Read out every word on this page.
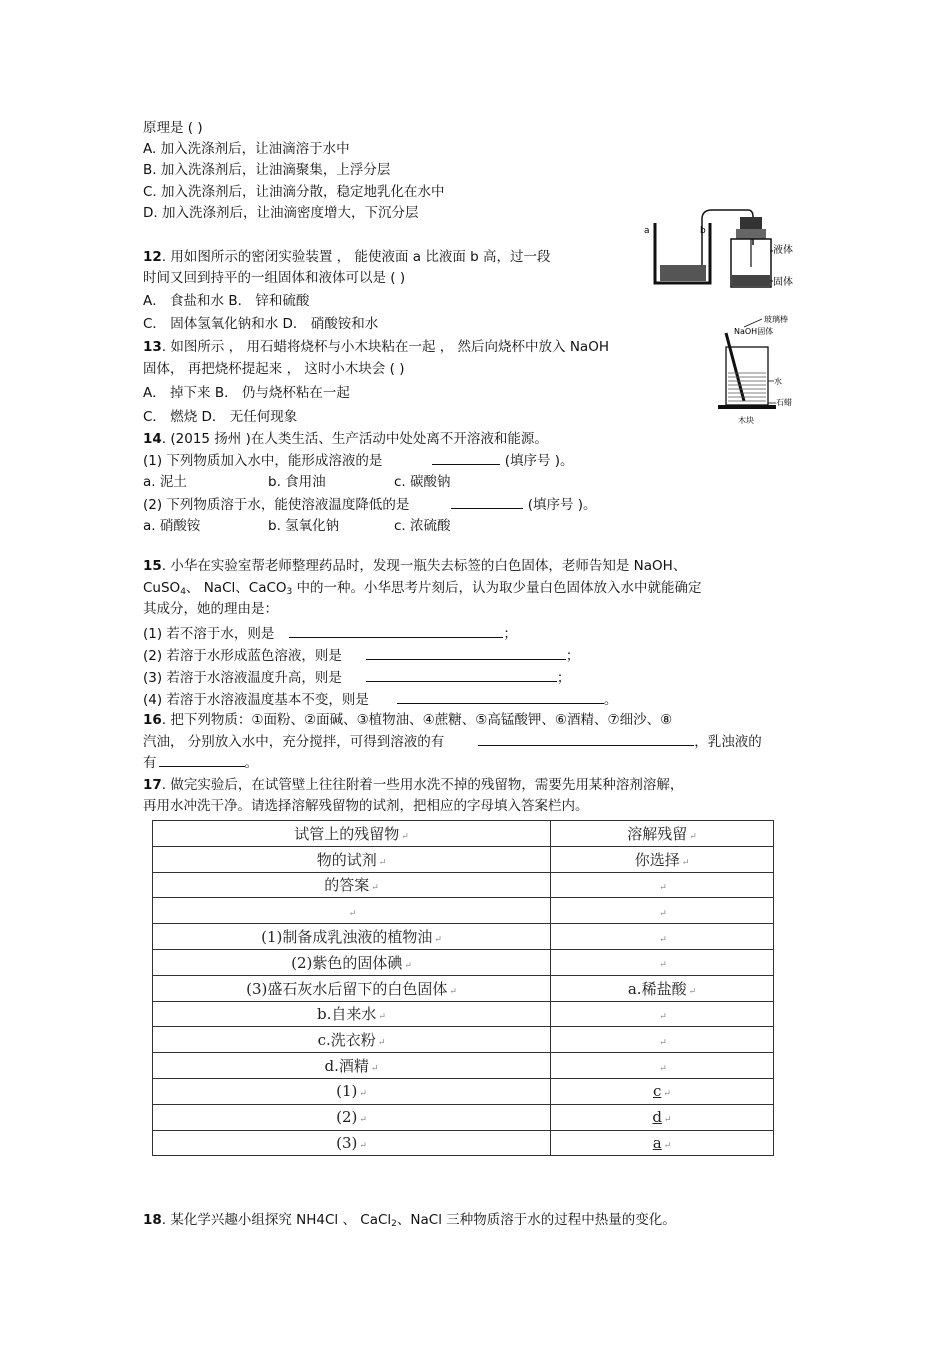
原理是 ( )
A. 加入洗涤剂后，让油滴溶于水中
B. 加入洗涤剂后，让油滴聚集，上浮分层
C. 加入洗涤剂后，让油滴分散，稳定地乳化在水中
D. 加入洗涤剂后，让油滴密度增大，下沉分层
12. 用如图所示的密闭实验装置 ， 能使液面 a 比液面 b 高，过一段
时间又回到持平的一组固体和液体可以是 ( )
A． 食盐和水 B． 锌和硫酸
C． 固体氢氧化钠和水 D． 硝酸铵和水
a	b
液体
固体
13. 如图所示 ， 用石蜡将烧杯与小木块粘在一起 ， 然后向烧杯中放入 NaOH
固体， 再把烧杯提起来 ， 这时小木块会 ( )
A． 掉下来 B． 仍与烧杯粘在一起
C． 燃烧 D． 无任何现象
玻璃棒
NaOH固体
水
石蜡
木块
14. (2015 扬州 )在人类生活、生产活动中处处离不开溶液和能源。
(1) 下列物质加入水中，能形成溶液的是	(填序号 )。
a. 泥土	b. 食用油	c. 碳酸钠
(2) 下列物质溶于水，能使溶液温度降低的是	(填序号 )。
a. 硝酸铵	b. 氢氧化钠	c. 浓硫酸
15. 小华在实验室帮老师整理药品时，发现一瓶失去标签的白色固体，老师告知是 NaOH、
CuSO$_4$、 NaCl、CaCO$_3$ 中的一种。小华思考片刻后，认为取少量白色固体放入水中就能确定
其成分，她的理由是：
(1) 若不溶于水，则是	；
(2) 若溶于水形成蓝色溶液，则是	；
(3) 若溶于水溶液温度升高，则是	；
(4) 若溶于水溶液温度基本不变，则是	。
16. 把下列物质：①面粉、②面碱、③植物油、④蔗糖、⑤高锰酸钾、⑥酒精、⑦细沙、⑧
汽油， 分别放入水中，充分搅拌，可得到溶液的有	，乳浊液的
有	。
17. 做完实验后，在试管壁上往往附着一些用水洗不掉的残留物，需要先用某种溶剂溶解，
再用水冲洗干净。请选择溶解残留物的试剂，把相应的字母填入答案栏内。
试管上的残留物 ↵	溶解残留 ↵
物的试剂 ↵	你选择 ↵
的答案 ↵	↵
↵	↵
(1)制备成乳浊液的植物油 ↵	↵
(2)紫色的固体碘 ↵	↵
(3)盛石灰水后留下的白色固体 ↵	a.稀盐酸 ↵
b.自来水 ↵	↵
c.洗衣粉 ↵	↵
d.酒精 ↵	↵
(1) ↵	c ↵
(2) ↵	d ↵
(3) ↵	a ↵
18. 某化学兴趣小组探究 NH4Cl 、 CaCl$_2$、NaCl 三种物质溶于水的过程中热量的变化。
